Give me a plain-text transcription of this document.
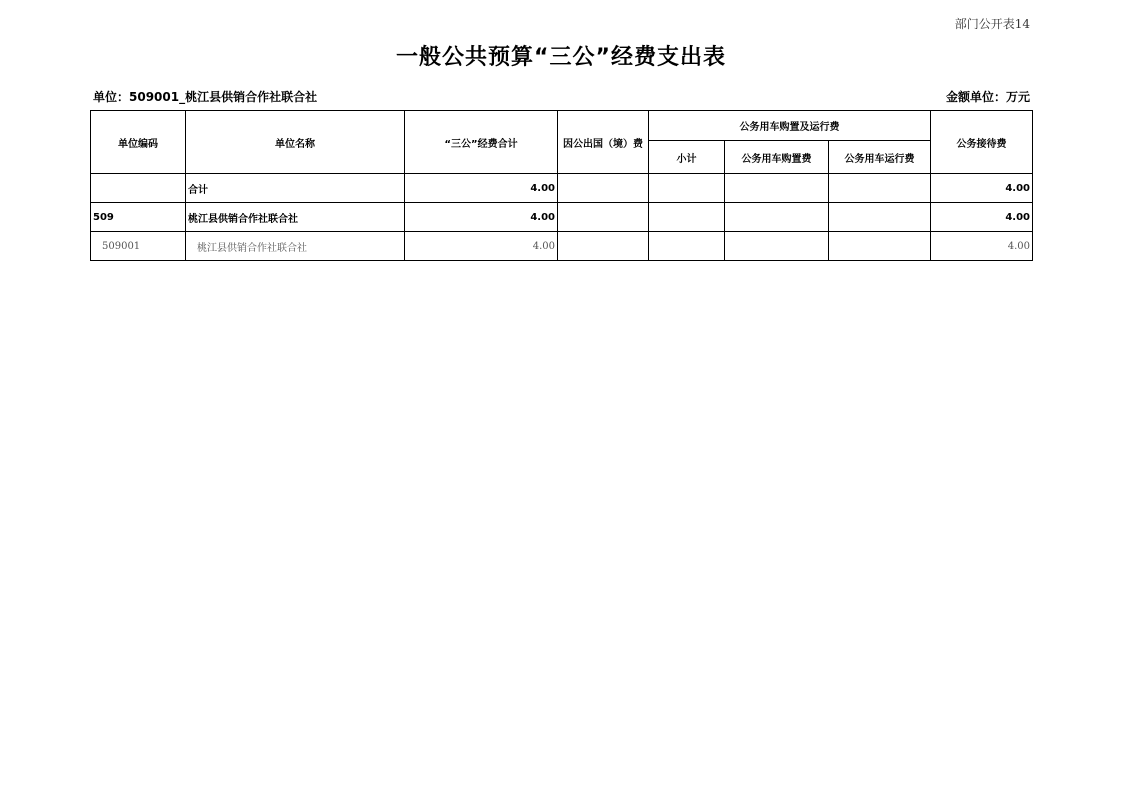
部门公开表14
一般公共预算“三公”经费支出表
单位：509001_桃江县供销合作社联合社	金额单位：万元
单位编码	单位名称	“三公”经费合计	因公出国（境）费	公务用车购置及运行费			公务接待费
				小计	公务用车购置费	公务用车运行费	
	合计	4.00					4.00
509	桃江县供销合作社联合社	4.00					4.00
509001	桃江县供销合作社联合社	4.00					4.00
